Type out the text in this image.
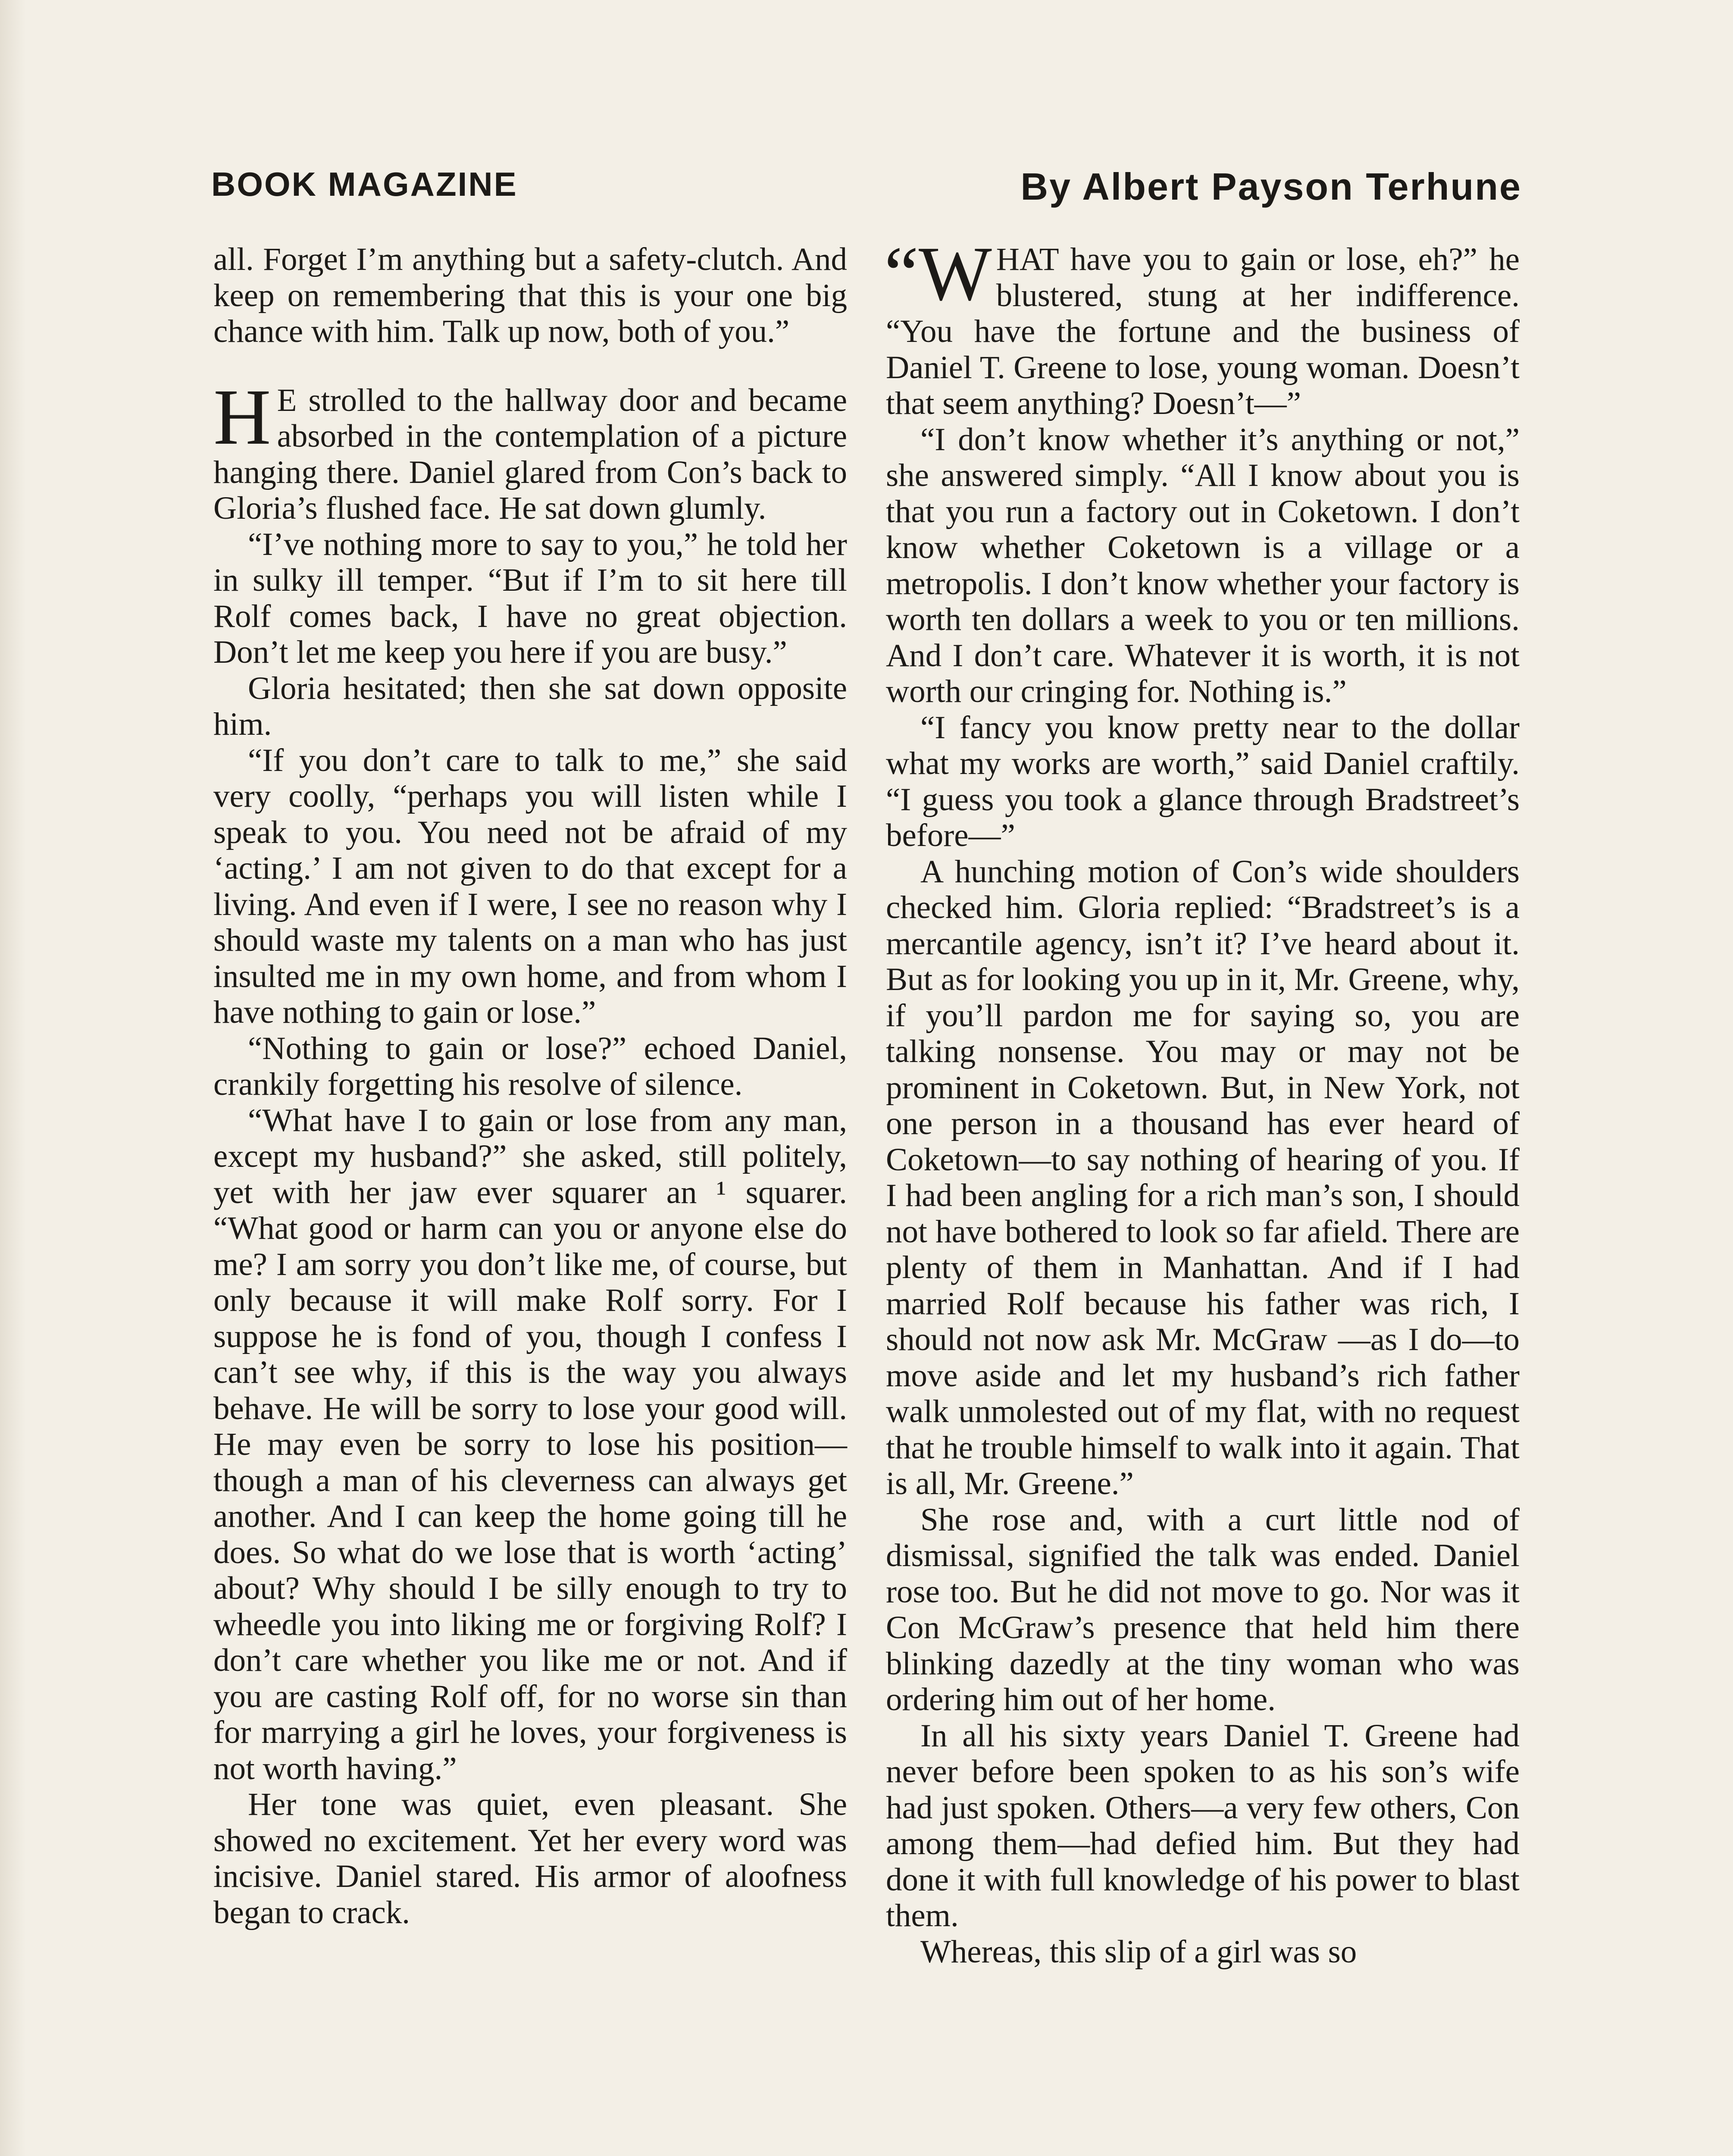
BOOK MAGAZINE	By Albert Payson Terhune

all. Forget I’m anything but a safety-clutch. And keep on remembering that this is your one big chance with him. Talk up now, both of you.”

H E strolled to the hallway door and became absorbed in the contemplation of a picture hanging there. Daniel glared from Con’s back to Gloria’s flushed face. He sat down glumly.

“I’ve nothing more to say to you,” he told her in sulky ill temper. “But if I’m to sit here till Rolf comes back, I have no great objection. Don’t let me keep you here if you are busy.”

Gloria hesitated; then she sat down opposite him.

“If you don’t care to talk to me,” she said very coolly, “perhaps you will listen while I speak to you. You need not be afraid of my ‘acting.’ I am not given to do that except for a living. And even if I were, I see no reason why I should waste my talents on a man who has just insulted me in my own home, and from whom I have nothing to gain or lose.”

“Nothing to gain or lose?” echoed Daniel, crankily forgetting his resolve of silence.

“What have I to gain or lose from any man, except my husband?” she asked, still politely, yet with her jaw ever squarer an⁠ ⁠¹ squarer. “What good or harm can you o⁠r anyone else do me? I am sorry you don’t like me, of course, but only because it will make Rolf sorry. For I suppose he is fond of you, though I confess I can’t see why, if this is the way you always behave. He will be sorry to lose your good will. He may even be sorry to lose his position—though a man of his cleverness can always get another. And I can keep the home going till he does. So what do we lose that is worth ‘acting’ about? Why should I be silly enough to try to wheedle you into liking me or forgiving Rolf? I don’t care whether you like me or not. And if you are casting Rolf off, for no worse sin than for marrying a girl he loves, your forgiveness is not worth having.”

Her tone was quiet, even pleasant. She showed no excitement. Yet her every word was incisive. Daniel stared. His armor of aloofness began to crack.

“WHAT have you to gain or lose, eh?” he blustered, stung at her indifference. “You have the fortune and the business of Daniel T. Greene to lose, young woman. Doesn’t that seem anything? Doesn’t—”

“I don’t know whether it’s anything or not,” she answered simply. “All I know about you is that you run a factory out in Coketown. I don’t know whether Coketown is a village or a metropolis. I don’t know whether your factory is worth ten dollars a week to you or ten millions. And I don’t care. Whatever it is worth, it is not worth our cringing for. Nothing is.”

“I fancy you know pretty near to the dollar what my works are worth,” said Daniel craftily. “I guess you took a glance through Bradstreet’s before—”

A hunching motion of Con’s wide shoulders checked him. Gloria replied: “Bradstreet’s is a mercantile agency, isn’t it? I’ve heard about it. But as for looking you up in it, Mr. Greene, why, if you’ll pardon me for saying so, you are talking nonsense. You may or may not be prominent in Coketown. But, in New York, not one person in a thousand has ever heard of Coketown—to say nothing of hearing of you. If I had been angling for a rich man’s son, I should not have bothered to look so far afield. There are plenty of them in Manhattan. And if I had married Rolf because his father was rich, I should not now ask Mr. McGraw —as I do—to move aside and let my husband’s rich father walk unmolested out of my flat, with no request that he trouble himself to walk into it again. That is all, Mr. Greene.”

She rose and, with a curt little nod of dismissal, signified the talk was ended. Daniel rose too. But he did not move to go. Nor was it Con McGraw’s presence that held him there blinking dazedly at the tiny woman who was ordering him out of her home.

In all his sixty years Daniel T. Greene had never before been spoken to as his son’s wife had just spoken. Others—a very few others, Con among them—had defied him. But they had done it with full knowledge of his power to blast them.

Whereas, this slip of a girl was so
